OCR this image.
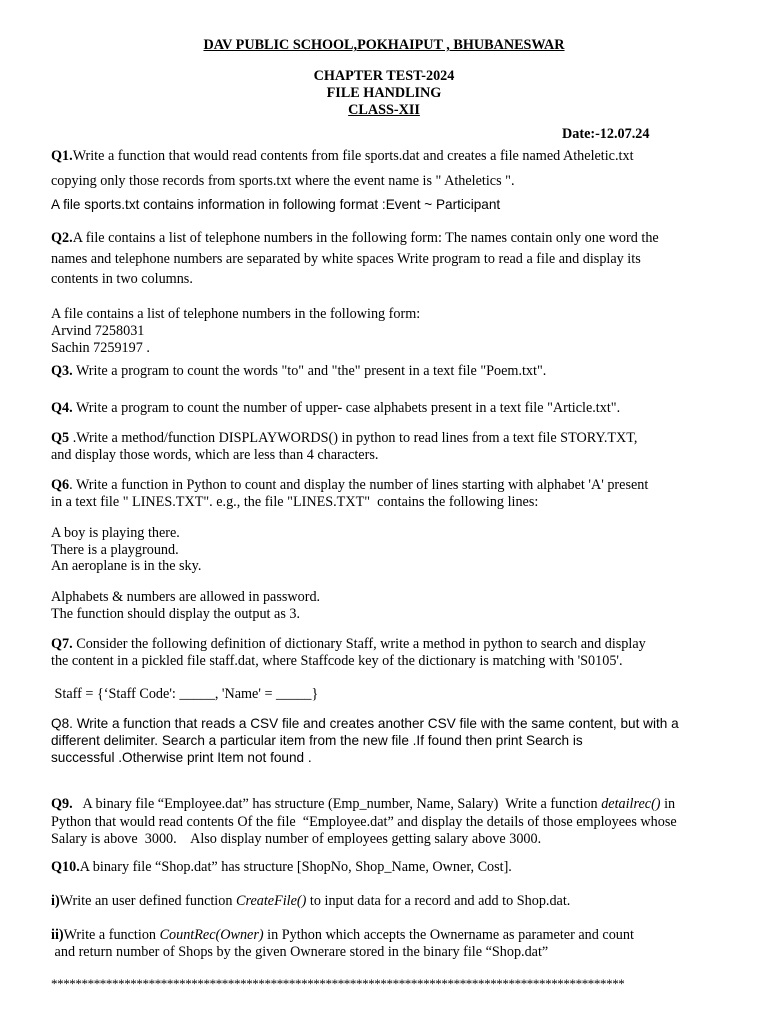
DAV PUBLIC SCHOOL,POKHAIPUT , BHUBANESWAR

CHAPTER TEST-2024

FILE HANDLING

CLASS-XII

Date:-12.07.24

Q1.Write a function that would read contents from file sports.dat and creates a file named Atheletic.txt

copying only those records from sports.txt where the event name is " Atheletics ".

A file sports.txt contains information in following format :Event ~ Participant

Q2.A file contains a list of telephone numbers in the following form: The names contain only one word the

names and telephone numbers are separated by white spaces Write program to read a file and display its

contents in two columns.

A file contains a list of telephone numbers in the following form:

Arvind 7258031

Sachin 7259197 .

Q3. Write a program to count the words "to" and "the" present in a text file "Poem.txt".

Q4. Write a program to count the number of upper- case alphabets present in a text file "Article.txt".

Q5 .Write a method/function DISPLAYWORDS() in python to read lines from a text file STORY.TXT,

and display those words, which are less than 4 characters.

Q6. Write a function in Python to count and display the number of lines starting with alphabet 'A' present

in a text file " LINES.TXT". e.g., the file "LINES.TXT"  contains the following lines:

A boy is playing there.

There is a playground.

An aeroplane is in the sky.

Alphabets & numbers are allowed in password.

The function should display the output as 3.

Q7. Consider the following definition of dictionary Staff, write a method in python to search and display

the content in a pickled file staff.dat, where Staffcode key of the dictionary is matching with 'S0105'.

Staff = {‘Staff Code': _____, 'Name' = _____}

Q8. Write a function that reads a CSV file and creates another CSV file with the same content, but with a

different delimiter. Search a particular item from the new file .If found then print Search is

successful .Otherwise print Item not found .

Q9.   A binary file “Employee.dat” has structure (Emp_number, Name, Salary)  Write a function detailrec() in

Python that would read contents Of the file  “Employee.dat” and display the details of those employees whose

Salary is above  3000.    Also display number of employees getting salary above 3000.

Q10.A binary file “Shop.dat” has structure [ShopNo, Shop_Name, Owner, Cost].

i)Write an user defined function CreateFile() to input data for a record and add to Shop.dat.

ii)Write a function CountRec(Owner) in Python which accepts the Ownername as parameter and count

and return number of Shops by the given Ownerare stored in the binary file “Shop.dat”

**********************************************************************************************
